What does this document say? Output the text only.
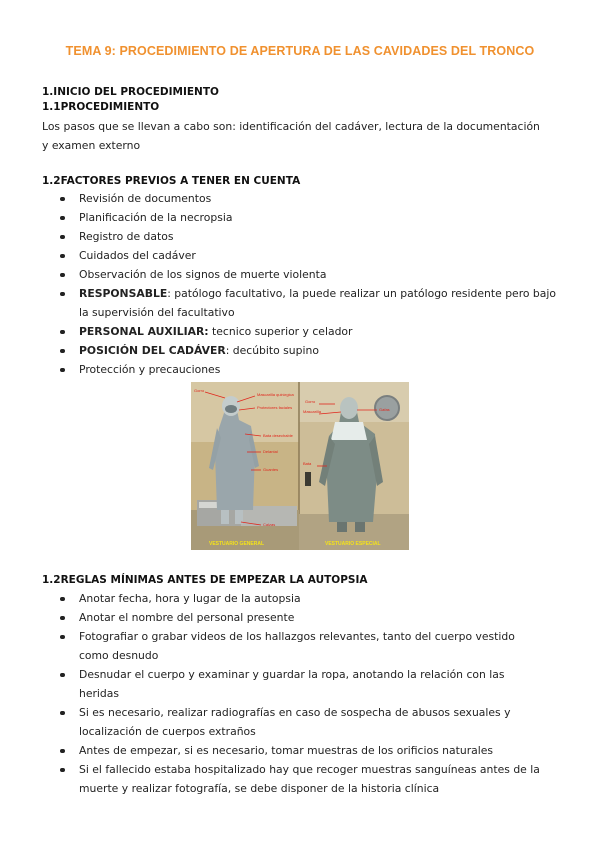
TEMA 9: PROCEDIMIENTO DE APERTURA DE LAS CAVIDADES DEL TRONCO
1.INICIO DEL PROCEDIMIENTO
1.1PROCEDIMIENTO
Los pasos que se llevan a cabo son: identificación del cadáver, lectura de la documentación
y examen externo
1.2FACTORES PREVIOS A TENER EN CUENTA
Revisión de documentos
Planificación de la necropsia
Registro de datos
Cuidados del cadáver
Observación de los signos de muerte violenta
RESPONSABLE: patólogo facultativo, la puede realizar un patólogo residente pero bajo
la supervisión del facultativo
PERSONAL AUXILIAR: tecnico superior y celador
POSICIÓN DEL CADÁVER: decúbito supino
Protección y precauciones
Gorro
Mascarilla quirúrgica
Protectores faciales
Bata desechable
Delantal
Guantes
Calzas
Gorro
Mascarilla	Gafas
Bata
VESTUARIO GENERAL	VESTUARIO ESPECIAL
1.2REGLAS MÍNIMAS ANTES DE EMPEZAR LA AUTOPSIA
Anotar fecha, hora y lugar de la autopsia
Anotar el nombre del personal presente
Fotografiar o grabar videos de los hallazgos relevantes, tanto del cuerpo vestido
como desnudo
Desnudar el cuerpo y examinar y guardar la ropa, anotando la relación con las
heridas
Si es necesario, realizar radiografías en caso de sospecha de abusos sexuales y
localización de cuerpos extraños
Antes de empezar, si es necesario, tomar muestras de los orificios naturales
Si el fallecido estaba hospitalizado hay que recoger muestras sanguíneas antes de la
muerte y realizar fotografía, se debe disponer de la historia clínica
